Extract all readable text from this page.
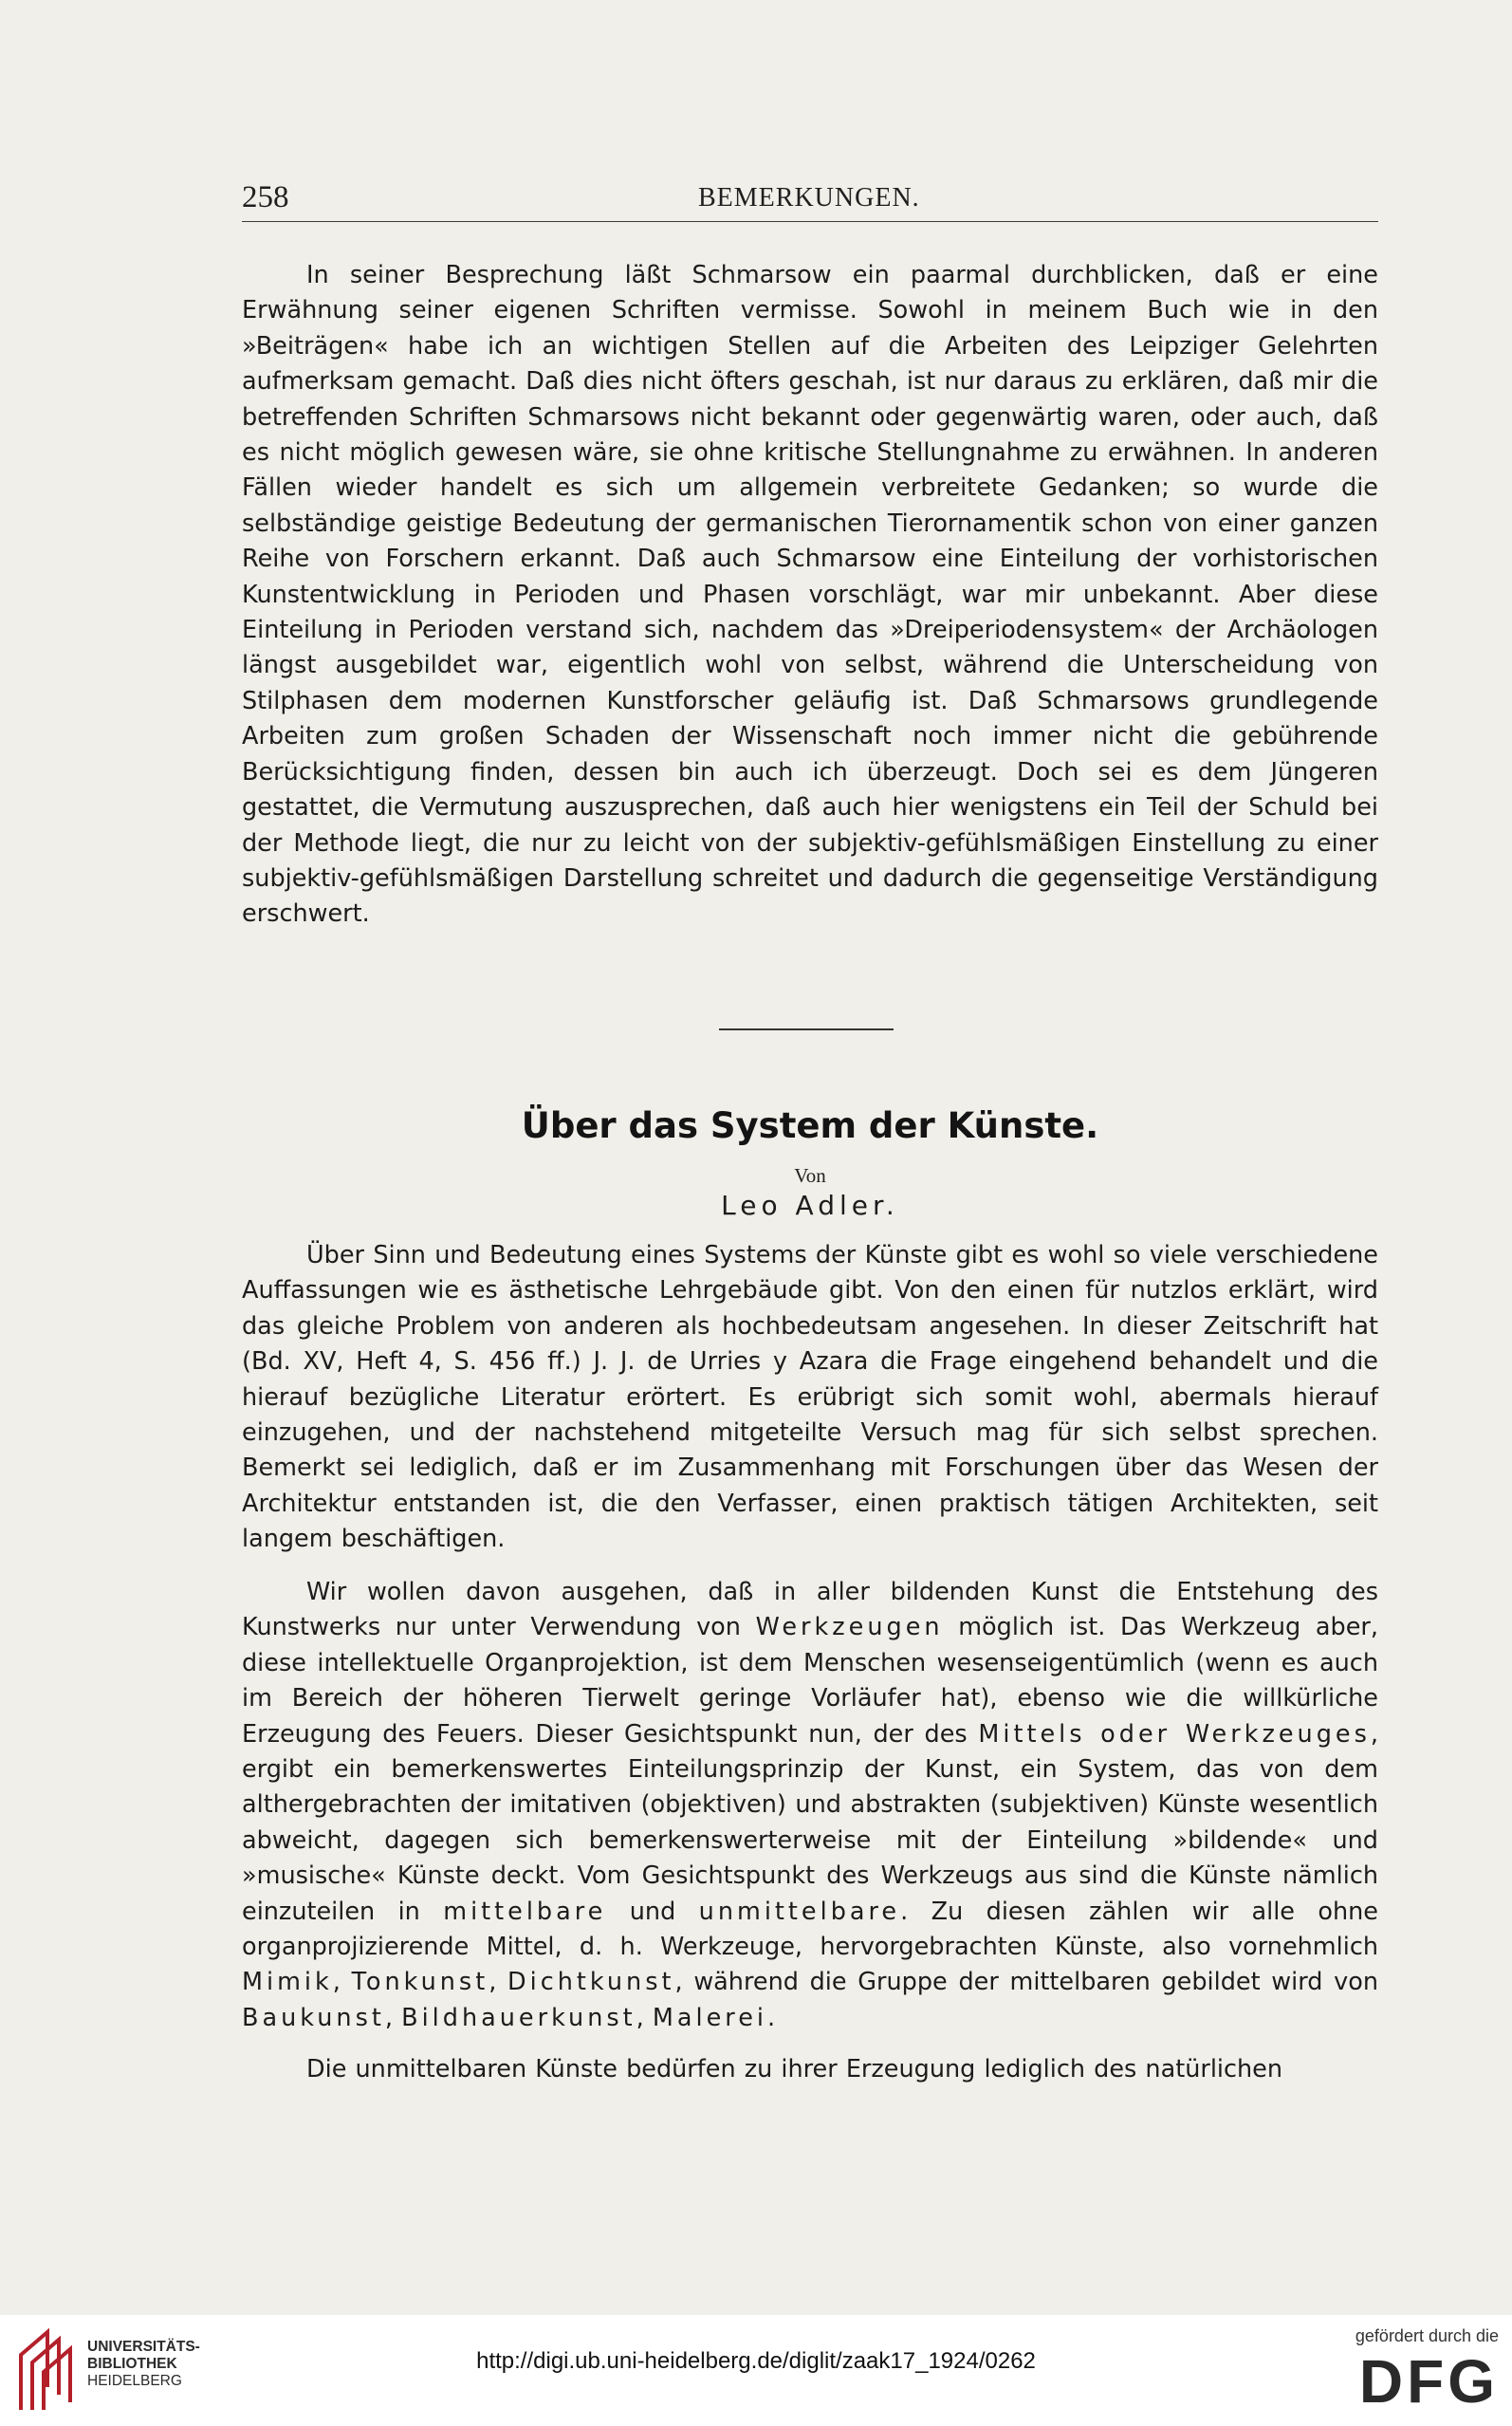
258	BEMERKUNGEN.

In seiner Besprechung läßt Schmarsow ein paarmal durchblicken, daß er eine Erwähnung seiner eigenen Schriften vermisse. Sowohl in meinem Buch wie in den »Beiträgen« habe ich an wichtigen Stellen auf die Arbeiten des Leipziger Gelehrten aufmerksam gemacht. Daß dies nicht öfters geschah, ist nur daraus zu erklären, daß mir die betreffenden Schriften Schmarsows nicht bekannt oder gegenwärtig waren, oder auch, daß es nicht möglich gewesen wäre, sie ohne kritische Stellungnahme zu erwähnen. In anderen Fällen wieder handelt es sich um allgemein verbreitete Gedanken; so wurde die selbständige geistige Bedeutung der germanischen Tierornamentik schon von einer ganzen Reihe von Forschern erkannt. Daß auch Schmarsow eine Einteilung der vorhistorischen Kunstentwicklung in Perioden und Phasen vorschlägt, war mir unbekannt. Aber diese Einteilung in Perioden verstand sich, nachdem das »Dreiperiodensystem« der Archäologen längst ausgebildet war, eigentlich wohl von selbst, während die Unterscheidung von Stilphasen dem modernen Kunstforscher geläufig ist. Daß Schmarsows grundlegende Arbeiten zum großen Schaden der Wissenschaft noch immer nicht die gebührende Berücksichtigung finden, dessen bin auch ich überzeugt. Doch sei es dem Jüngeren gestattet, die Vermutung auszusprechen, daß auch hier wenigstens ein Teil der Schuld bei der Methode liegt, die nur zu leicht von der subjektiv-gefühlsmäßigen Einstellung zu einer subjektiv-gefühlsmäßigen Darstellung schreitet und dadurch die gegenseitige Verständigung erschwert.

Über das System der Künste.
Von
Leo Adler.

Über Sinn und Bedeutung eines Systems der Künste gibt es wohl so viele verschiedene Auffassungen wie es ästhetische Lehrgebäude gibt. Von den einen für nutzlos erklärt, wird das gleiche Problem von anderen als hochbedeutsam angesehen. In dieser Zeitschrift hat (Bd. XV, Heft 4, S. 456 ff.) J. J. de Urries y Azara die Frage eingehend behandelt und die hierauf bezügliche Literatur erörtert. Es erübrigt sich somit wohl, abermals hierauf einzugehen, und der nachstehend mitgeteilte Versuch mag für sich selbst sprechen. Bemerkt sei lediglich, daß er im Zusammenhang mit Forschungen über das Wesen der Architektur entstanden ist, die den Verfasser, einen praktisch tätigen Architekten, seit langem beschäftigen.

Wir wollen davon ausgehen, daß in aller bildenden Kunst die Entstehung des Kunstwerks nur unter Verwendung von Werkzeugen möglich ist. Das Werkzeug aber, diese intellektuelle Organprojektion, ist dem Menschen wesenseigentümlich (wenn es auch im Bereich der höheren Tierwelt geringe Vorläufer hat), ebenso wie die willkürliche Erzeugung des Feuers. Dieser Gesichtspunkt nun, der des Mittels oder Werkzeuges, ergibt ein bemerkenswertes Einteilungsprinzip der Kunst, ein System, das von dem althergebrachten der imitativen (objektiven) und abstrakten (subjektiven) Künste wesentlich abweicht, dagegen sich bemerkenswerterweise mit der Einteilung »bildende« und »musische« Künste deckt. Vom Gesichtspunkt des Werkzeugs aus sind die Künste nämlich einzuteilen in mittelbare und unmittelbare. Zu diesen zählen wir alle ohne organprojizierende Mittel, d. h. Werkzeuge, hervorgebrachten Künste, also vornehmlich Mimik, Tonkunst, Dichtkunst, während die Gruppe der mittelbaren gebildet wird von Baukunst, Bildhauerkunst, Malerei.

Die unmittelbaren Künste bedürfen zu ihrer Erzeugung lediglich des natürlichen

UNIVERSITÄTS-
BIBLIOTHEK
HEIDELBERG
http://digi.ub.uni-heidelberg.de/diglit/zaak17_1924/0262
gefördert durch die
DFG
